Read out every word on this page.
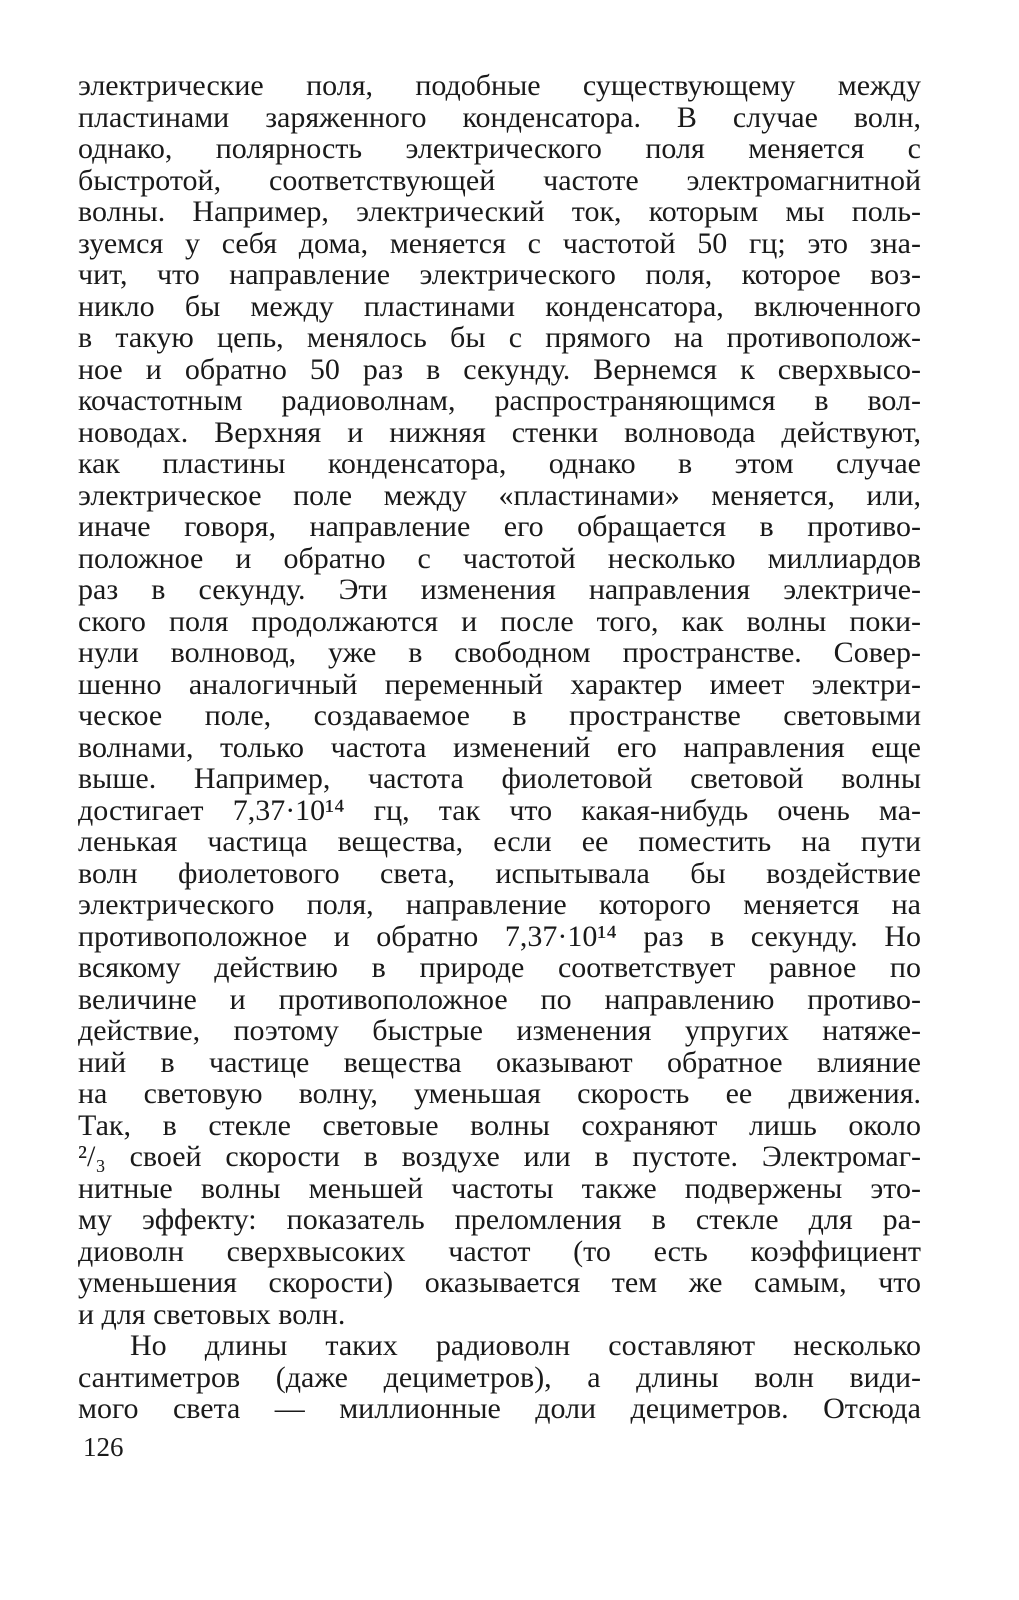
электрические поля, подобные существующему между
пластинами заряженного конденсатора. В случае волн,
однако, полярность электрического поля меняется с
быстротой, соответствующей частоте электромагнитной
волны. Например, электрический ток, которым мы поль-
зуемся у себя дома, меняется с частотой 50 гц; это зна-
чит, что направление электрического поля, которое воз-
никло бы между пластинами конденсатора, включенного
в такую цепь, менялось бы с прямого на противополож-
ное и обратно 50 раз в секунду. Вернемся к сверхвысо-
кочастотным радиоволнам, распространяющимся в вол-
новодах. Верхняя и нижняя стенки волновода действуют,
как пластины конденсатора, однако в этом случае
электрическое поле между «пластинами» меняется, или,
иначе говоря, направление его обращается в противо-
положное и обратно с частотой несколько миллиардов
раз в секунду. Эти изменения направления электриче-
ского поля продолжаются и после того, как волны поки-
нули волновод, уже в свободном пространстве. Совер-
шенно аналогичный переменный характер имеет электри-
ческое поле, создаваемое в пространстве световыми
волнами, только частота изменений его направления еще
выше. Например, частота фиолетовой световой волны
достигает 7,37·10¹⁴ гц, так что какая-нибудь очень ма-
ленькая частица вещества, если ее поместить на пути
волн фиолетового света, испытывала бы воздействие
электрического поля, направление которого меняется на
противоположное и обратно 7,37·10¹⁴ раз в секунду. Но
всякому действию в природе соответствует равное по
величине и противоположное по направлению противо-
действие, поэтому быстрые изменения упругих натяже-
ний в частице вещества оказывают обратное влияние
на световую волну, уменьшая скорость ее движения.
Так, в стекле световые волны сохраняют лишь около
²/₃ своей скорости в воздухе или в пустоте. Электромаг-
нитные волны меньшей частоты также подвержены это-
му эффекту: показатель преломления в стекле для ра-
диоволн сверхвысоких частот (то есть коэффициент
уменьшения скорости) оказывается тем же самым, что
и для световых волн.
Но длины таких радиоволн составляют несколько
сантиметров (даже дециметров), а длины волн види-
мого света — миллионные доли дециметров. Отсюда
126
